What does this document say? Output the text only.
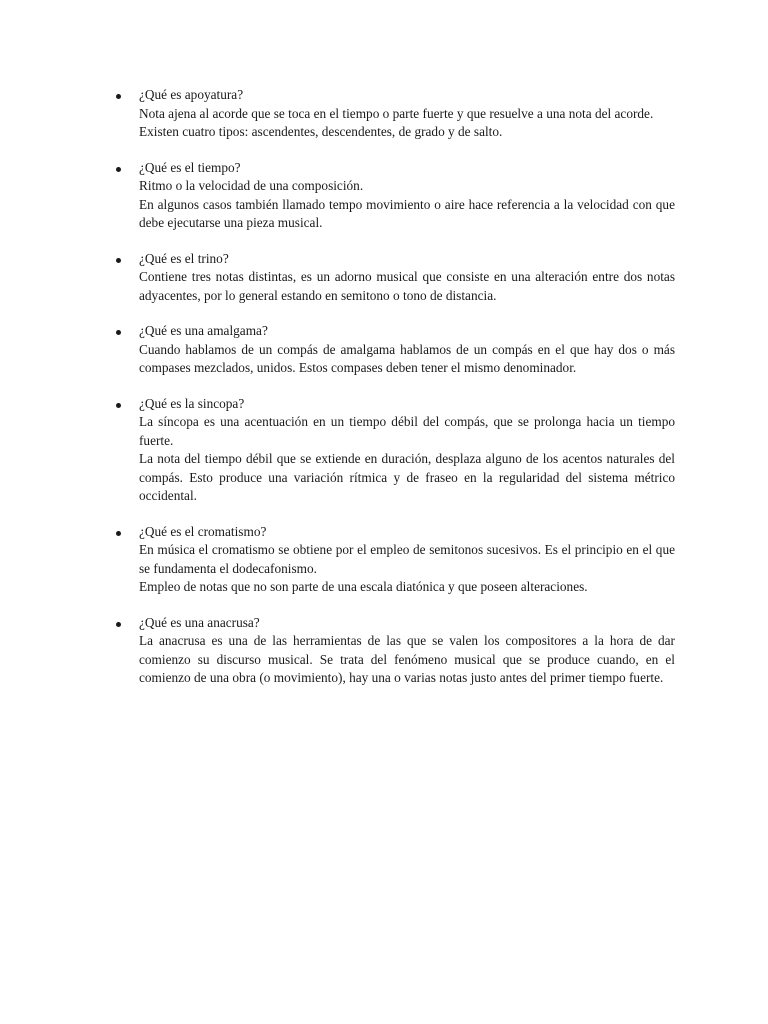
¿Qué es apoyatura?
Nota ajena al acorde que se toca en el tiempo o parte fuerte y que resuelve a una nota del acorde.
Existen cuatro tipos: ascendentes, descendentes, de grado y de salto.
¿Qué es el tiempo?
Ritmo o la velocidad de una composición.
En algunos casos también llamado tempo movimiento o aire hace referencia a la velocidad con que debe ejecutarse una pieza musical.
¿Qué es el trino?
Contiene tres notas distintas, es un adorno musical que consiste en una alteración entre dos notas adyacentes, por lo general estando en semitono o tono de distancia.
¿Qué es una amalgama?
Cuando hablamos de un compás de amalgama hablamos de un compás en el que hay dos o más compases mezclados, unidos. Estos compases deben tener el mismo denominador.
¿Qué es la sincopa?
La síncopa es una acentuación en un tiempo débil del compás, que se prolonga hacia un tiempo fuerte.
La nota del tiempo débil que se extiende en duración, desplaza alguno de los acentos naturales del compás. Esto produce una variación rítmica y de fraseo en la regularidad del sistema métrico occidental.
¿Qué es el cromatismo?
En música el cromatismo se obtiene por el empleo de semitonos sucesivos. Es el principio en el que se fundamenta el dodecafonismo.
Empleo de notas que no son parte de una escala diatónica y que poseen alteraciones.
¿Qué es una anacrusa?
La anacrusa es una de las herramientas de las que se valen los compositores a la hora de dar comienzo su discurso musical. Se trata del fenómeno musical que se produce cuando, en el comienzo de una obra (o movimiento), hay una o varias notas justo antes del primer tiempo fuerte.
